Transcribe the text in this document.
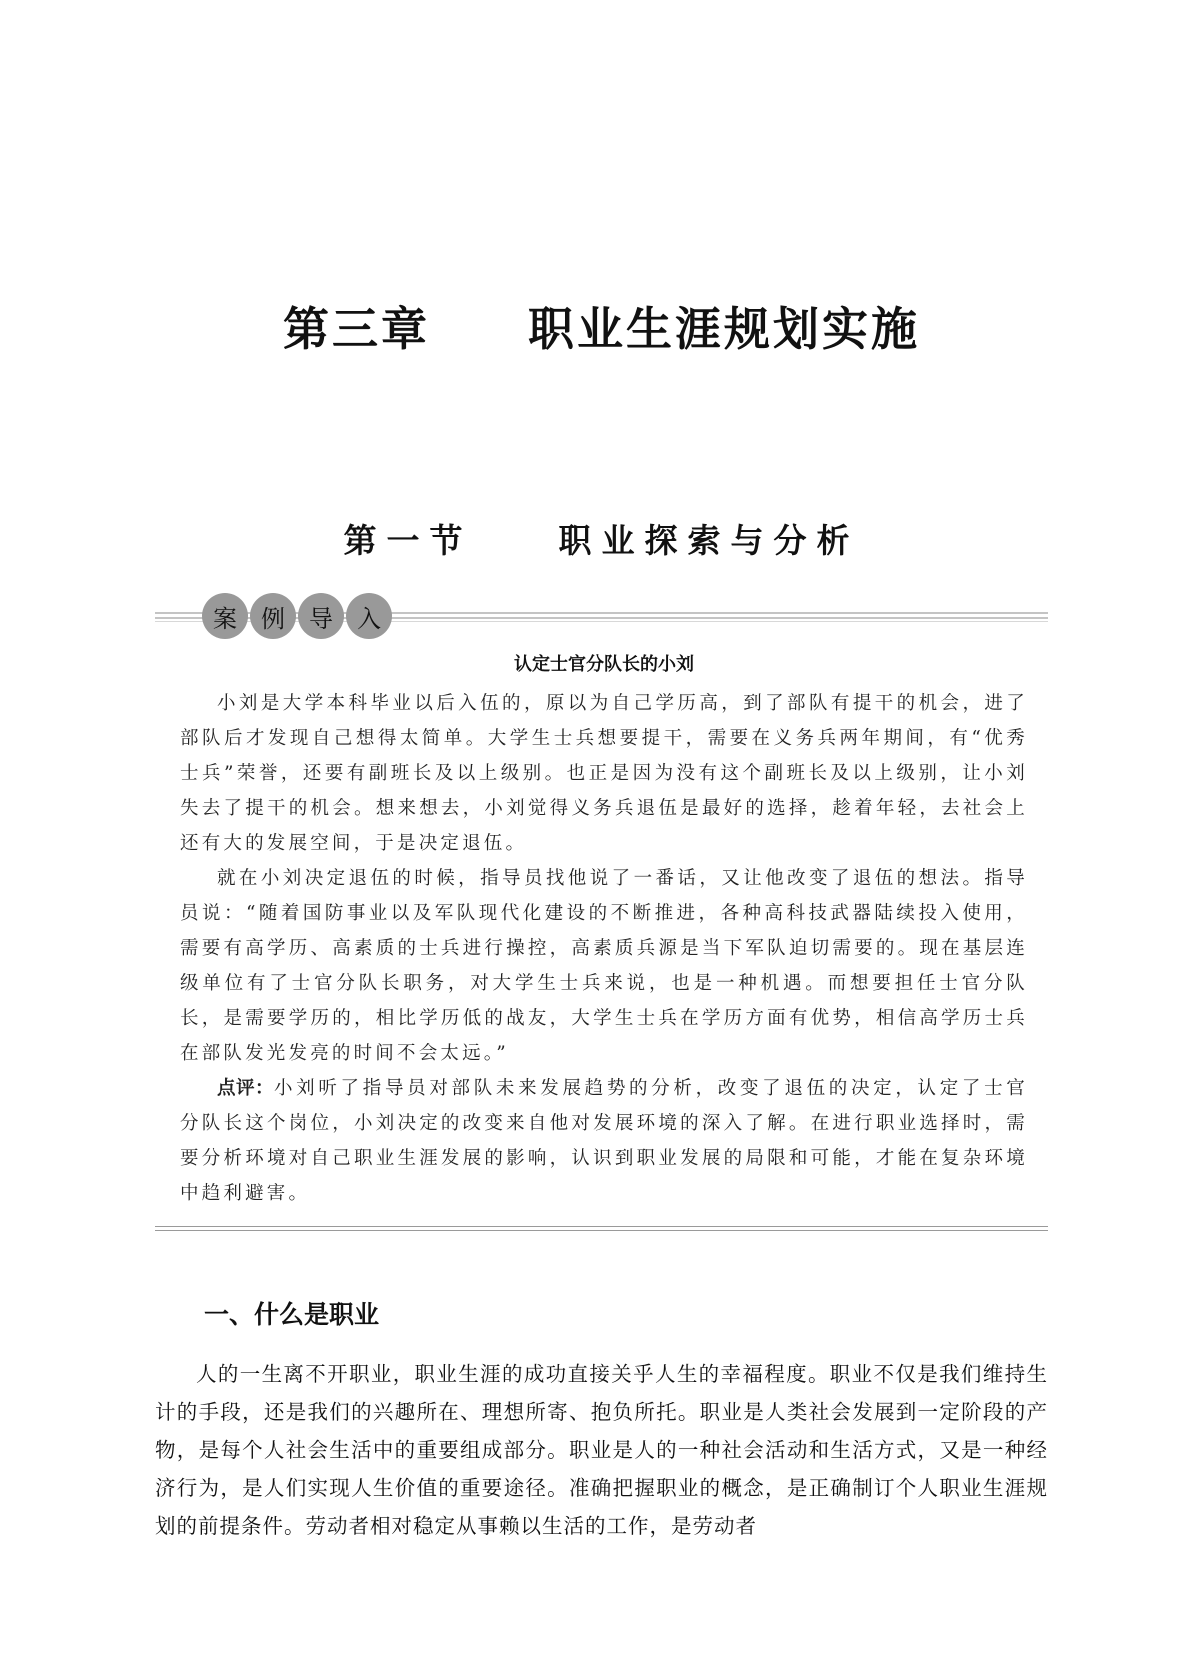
第三章　　职业生涯规划实施
第一节　　职业探索与分析
案	例	导	入
认定士官分队长的小刘

小刘是大学本科毕业以后入伍的，原以为自己学历高，到了部队有提干的机会，进了部队后才发现自己想得太简单。大学生士兵想要提干，需要在义务兵两年期间，有“优秀士兵”荣誉，还要有副班长及以上级别。也正是因为没有这个副班长及以上级别，让小刘失去了提干的机会。想来想去，小刘觉得义务兵退伍是最好的选择，趁着年轻，去社会上还有大的发展空间，于是决定退伍。

就在小刘决定退伍的时候，指导员找他说了一番话，又让他改变了退伍的想法。指导员说：“随着国防事业以及军队现代化建设的不断推进，各种高科技武器陆续投入使用，需要有高学历、高素质的士兵进行操控，高素质兵源是当下军队迫切需要的。现在基层连级单位有了士官分队长职务，对大学生士兵来说，也是一种机遇。而想要担任士官分队长，是需要学历的，相比学历低的战友，大学生士兵在学历方面有优势，相信高学历士兵在部队发光发亮的时间不会太远。”

点评：小刘听了指导员对部队未来发展趋势的分析，改变了退伍的决定，认定了士官分队长这个岗位，小刘决定的改变来自他对发展环境的深入了解。在进行职业选择时，需要分析环境对自己职业生涯发展的影响，认识到职业发展的局限和可能，才能在复杂环境中趋利避害。

一、什么是职业

人的一生离不开职业，职业生涯的成功直接关乎人生的幸福程度。职业不仅是我们维持生计的手段，还是我们的兴趣所在、理想所寄、抱负所托。职业是人类社会发展到一定阶段的产物，是每个人社会生活中的重要组成部分。职业是人的一种社会活动和生活方式，又是一种经济行为，是人们实现人生价值的重要途径。准确把握职业的概念，是正确制订个人职业生涯规划的前提条件。劳动者相对稳定从事赖以生活的工作，是劳动者
